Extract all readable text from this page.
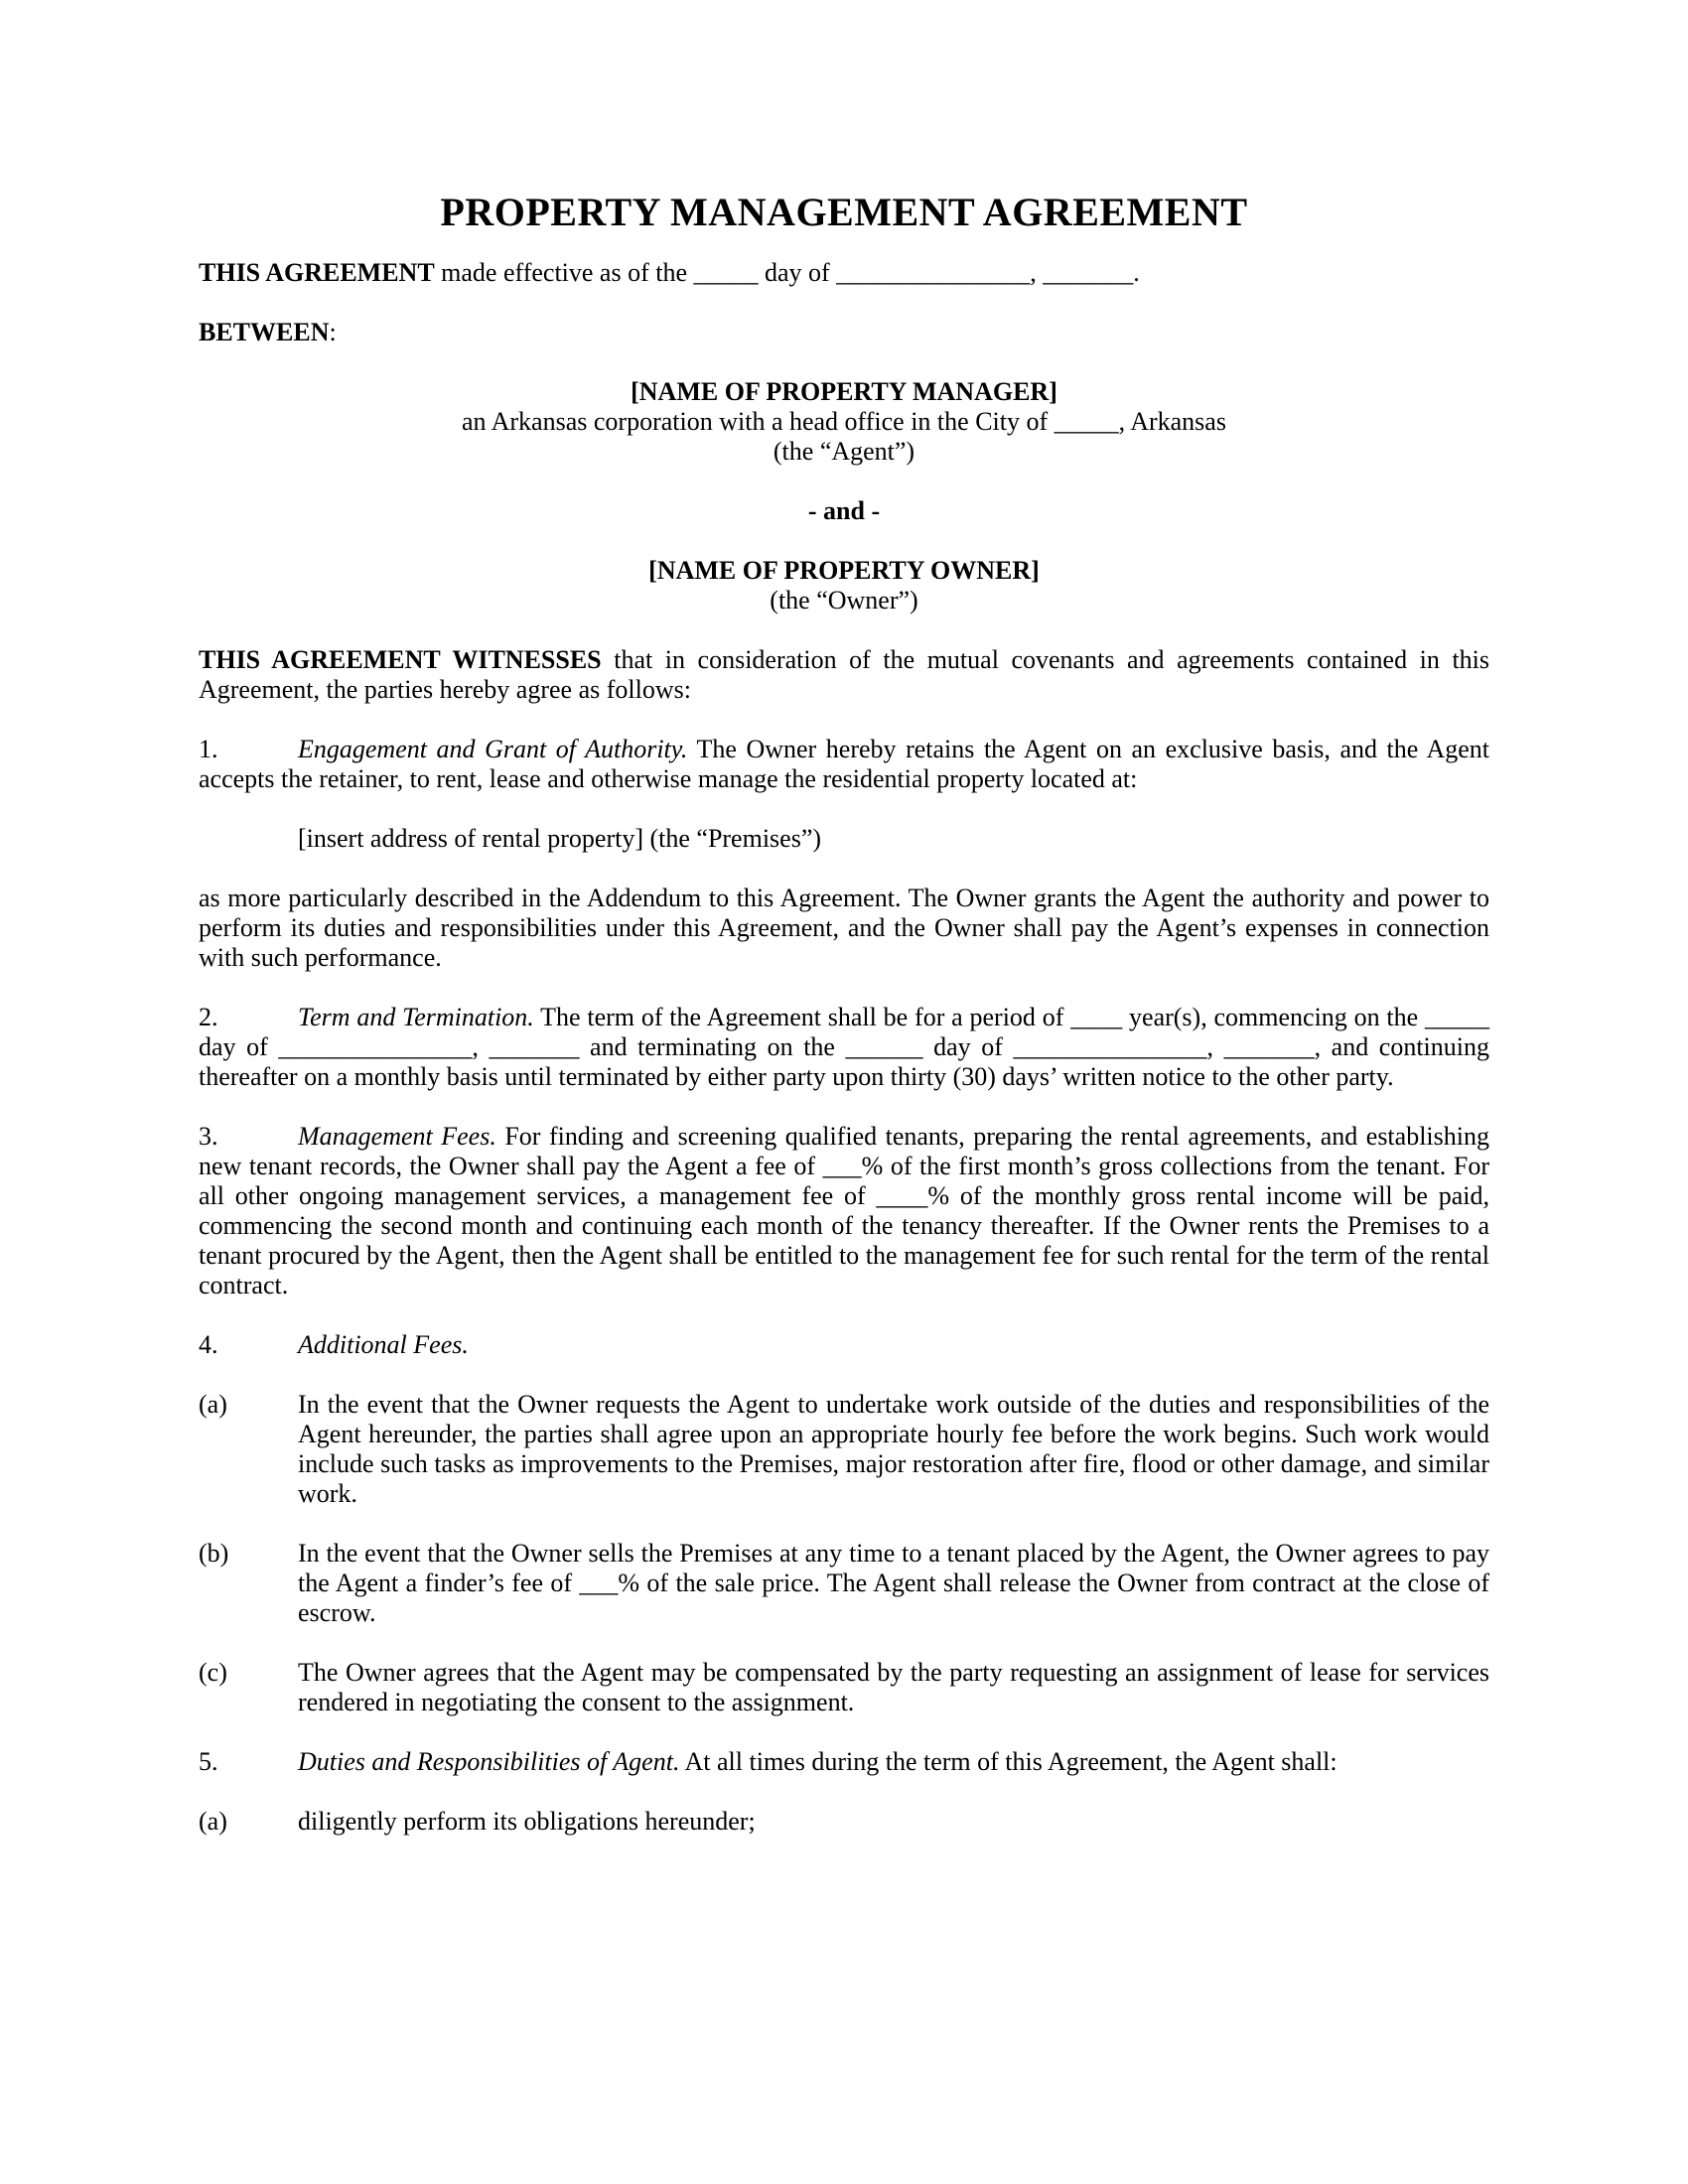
PROPERTY MANAGEMENT AGREEMENT

THIS AGREEMENT made effective as of the _____ day of _______________, _______.

BETWEEN:

[NAME OF PROPERTY MANAGER]
an Arkansas corporation with a head office in the City of _____, Arkansas
(the “Agent”)

- and -

[NAME OF PROPERTY OWNER]
(the “Owner”)

THIS AGREEMENT WITNESSES that in consideration of the mutual covenants and agreements contained in this Agreement, the parties hereby agree as follows:

1.	Engagement and Grant of Authority. The Owner hereby retains the Agent on an exclusive basis, and the Agent accepts the retainer, to rent, lease and otherwise manage the residential property located at:

[insert address of rental property] (the “Premises”)

as more particularly described in the Addendum to this Agreement. The Owner grants the Agent the authority and power to perform its duties and responsibilities under this Agreement, and the Owner shall pay the Agent’s expenses in connection with such performance.

2.	Term and Termination. The term of the Agreement shall be for a period of ____ year(s), commencing on the _____ day of _______________, _______ and terminating on the ______ day of _______________, _______, and continuing thereafter on a monthly basis until terminated by either party upon thirty (30) days’ written notice to the other party.

3.	Management Fees. For finding and screening qualified tenants, preparing the rental agreements, and establishing new tenant records, the Owner shall pay the Agent a fee of ___% of the first month’s gross collections from the tenant. For all other ongoing management services, a management fee of ____% of the monthly gross rental income will be paid, commencing the second month and continuing each month of the tenancy thereafter. If the Owner rents the Premises to a tenant procured by the Agent, then the Agent shall be entitled to the management fee for such rental for the term of the rental contract.

4.	Additional Fees.

(a)	In the event that the Owner requests the Agent to undertake work outside of the duties and responsibilities of the Agent hereunder, the parties shall agree upon an appropriate hourly fee before the work begins. Such work would include such tasks as improvements to the Premises, major restoration after fire, flood or other damage, and similar work.

(b)	In the event that the Owner sells the Premises at any time to a tenant placed by the Agent, the Owner agrees to pay the Agent a finder’s fee of ___% of the sale price. The Agent shall release the Owner from contract at the close of escrow.

(c)	The Owner agrees that the Agent may be compensated by the party requesting an assignment of lease for services rendered in negotiating the consent to the assignment.

5.	Duties and Responsibilities of Agent. At all times during the term of this Agreement, the Agent shall:

(a)	diligently perform its obligations hereunder;
